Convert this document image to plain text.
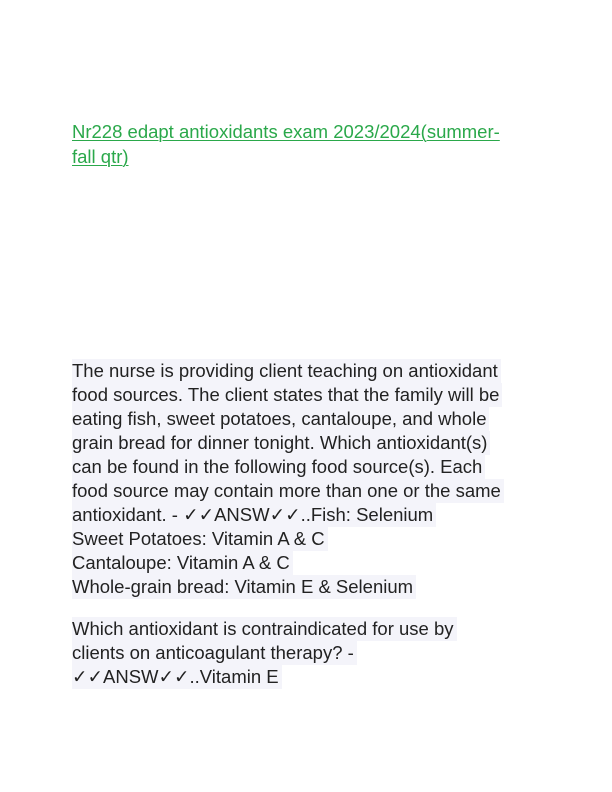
Nr228 edapt antioxidants exam 2023/2024(summer-
fall qtr)
The nurse is providing client teaching on antioxidant
food sources. The client states that the family will be
eating fish, sweet potatoes, cantaloupe, and whole
grain bread for dinner tonight. Which antioxidant(s)
can be found in the following food source(s). Each
food source may contain more than one or the same
antioxidant. - ✓✓ANSW✓✓..Fish: Selenium
Sweet Potatoes: Vitamin A & C
Cantaloupe: Vitamin A & C
Whole-grain bread: Vitamin E & Selenium
Which antioxidant is contraindicated for use by
clients on anticoagulant therapy? -
✓✓ANSW✓✓..Vitamin E
